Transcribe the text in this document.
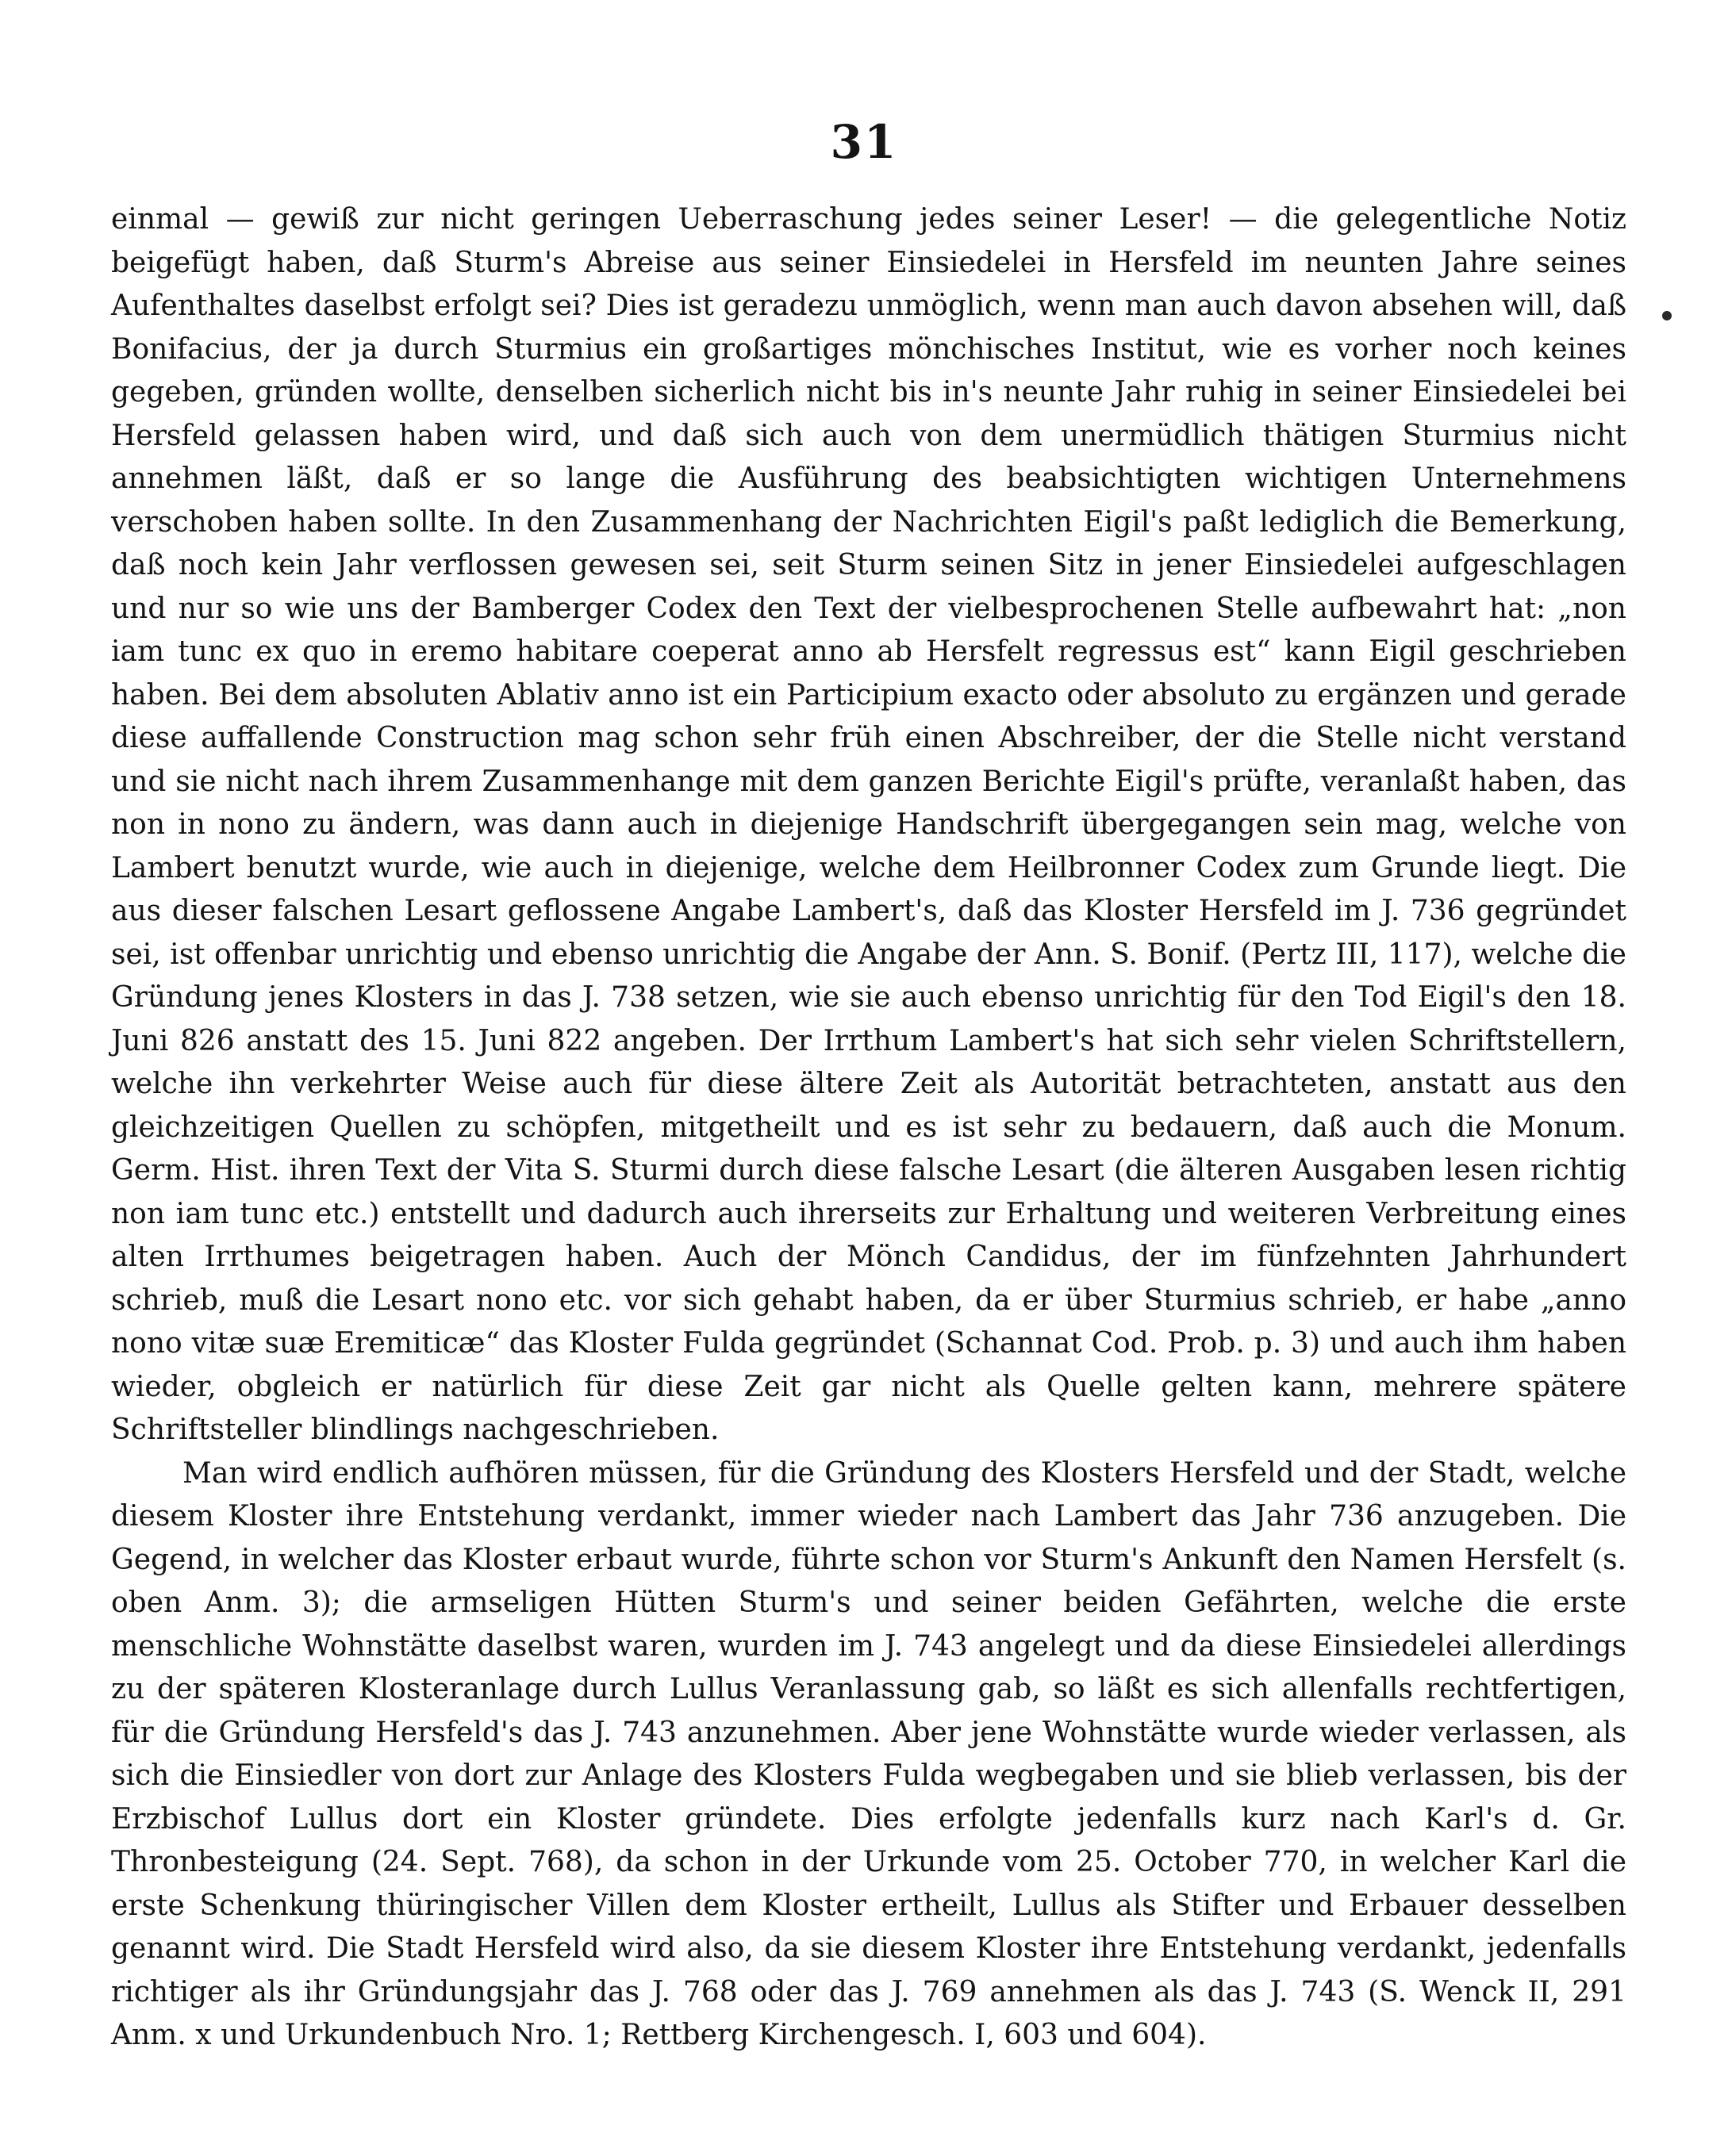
31

einmal — gewiß zur nicht geringen Ueberraschung jedes seiner Leser! — die gelegentliche Notiz beigefügt haben, daß Sturm's Abreise aus seiner Einsiedelei in Hersfeld im neunten Jahre seines Aufenthaltes daselbst erfolgt sei? Dies ist geradezu unmöglich, wenn man auch davon absehen will, daß Bonifacius, der ja durch Sturmius ein großartiges mönchisches Institut, wie es vorher noch keines gegeben, gründen wollte, denselben sicherlich nicht bis in's neunte Jahr ruhig in seiner Einsiedelei bei Hersfeld gelassen haben wird, und daß sich auch von dem unermüdlich thätigen Sturmius nicht annehmen läßt, daß er so lange die Ausführung des beabsichtigten wichtigen Unternehmens verschoben haben sollte. In den Zusammenhang der Nachrichten Eigil's paßt lediglich die Bemerkung, daß noch kein Jahr verflossen gewesen sei, seit Sturm seinen Sitz in jener Einsiedelei aufgeschlagen und nur so wie uns der Bamberger Codex den Text der vielbesprochenen Stelle aufbewahrt hat: „non iam tunc ex quo in eremo habitare coeperat anno ab Hersfelt regressus est“ kann Eigil geschrieben haben. Bei dem absoluten Ablativ anno ist ein Participium exacto oder absoluto zu ergänzen und gerade diese auffallende Construction mag schon sehr früh einen Abschreiber, der die Stelle nicht verstand und sie nicht nach ihrem Zusammenhange mit dem ganzen Berichte Eigil's prüfte, veranlaßt haben, das non in nono zu ändern, was dann auch in diejenige Handschrift übergegangen sein mag, welche von Lambert benutzt wurde, wie auch in diejenige, welche dem Heilbronner Codex zum Grunde liegt. Die aus dieser falschen Lesart geflossene Angabe Lambert's, daß das Kloster Hersfeld im J. 736 gegründet sei, ist offenbar unrichtig und ebenso unrichtig die Angabe der Ann. S. Bonif. (Pertz III, 117), welche die Gründung jenes Klosters in das J. 738 setzen, wie sie auch ebenso unrichtig für den Tod Eigil's den 18. Juni 826 anstatt des 15. Juni 822 angeben. Der Irrthum Lambert's hat sich sehr vielen Schriftstellern, welche ihn verkehrter Weise auch für diese ältere Zeit als Autorität betrachteten, anstatt aus den gleichzeitigen Quellen zu schöpfen, mitgetheilt und es ist sehr zu bedauern, daß auch die Monum. Germ. Hist. ihren Text der Vita S. Sturmi durch diese falsche Lesart (die älteren Ausgaben lesen richtig non iam tunc etc.) entstellt und dadurch auch ihrerseits zur Erhaltung und weiteren Verbreitung eines alten Irrthumes beigetragen haben. Auch der Mönch Candidus, der im fünfzehnten Jahrhundert schrieb, muß die Lesart nono etc. vor sich gehabt haben, da er über Sturmius schrieb, er habe „anno nono vitæ suæ Eremiticæ“ das Kloster Fulda gegründet (Schannat Cod. Prob. p. 3) und auch ihm haben wieder, obgleich er natürlich für diese Zeit gar nicht als Quelle gelten kann, mehrere spätere Schriftsteller blindlings nachgeschrieben.

Man wird endlich aufhören müssen, für die Gründung des Klosters Hersfeld und der Stadt, welche diesem Kloster ihre Entstehung verdankt, immer wieder nach Lambert das Jahr 736 anzugeben. Die Gegend, in welcher das Kloster erbaut wurde, führte schon vor Sturm's Ankunft den Namen Hersfelt (s. oben Anm. 3); die armseligen Hütten Sturm's und seiner beiden Gefährten, welche die erste menschliche Wohnstätte daselbst waren, wurden im J. 743 angelegt und da diese Einsiedelei allerdings zu der späteren Klosteranlage durch Lullus Veranlassung gab, so läßt es sich allenfalls rechtfertigen, für die Gründung Hersfeld's das J. 743 anzunehmen. Aber jene Wohnstätte wurde wieder verlassen, als sich die Einsiedler von dort zur Anlage des Klosters Fulda wegbegaben und sie blieb verlassen, bis der Erzbischof Lullus dort ein Kloster gründete. Dies erfolgte jedenfalls kurz nach Karl's d. Gr. Thronbesteigung (24. Sept. 768), da schon in der Urkunde vom 25. October 770, in welcher Karl die erste Schenkung thüringischer Villen dem Kloster ertheilt, Lullus als Stifter und Erbauer desselben genannt wird. Die Stadt Hersfeld wird also, da sie diesem Kloster ihre Entstehung verdankt, jedenfalls richtiger als ihr Gründungsjahr das J. 768 oder das J. 769 annehmen als das J. 743 (S. Wenck II, 291 Anm. x und Urkundenbuch Nro. 1; Rettberg Kirchengesch. I, 603 und 604).
